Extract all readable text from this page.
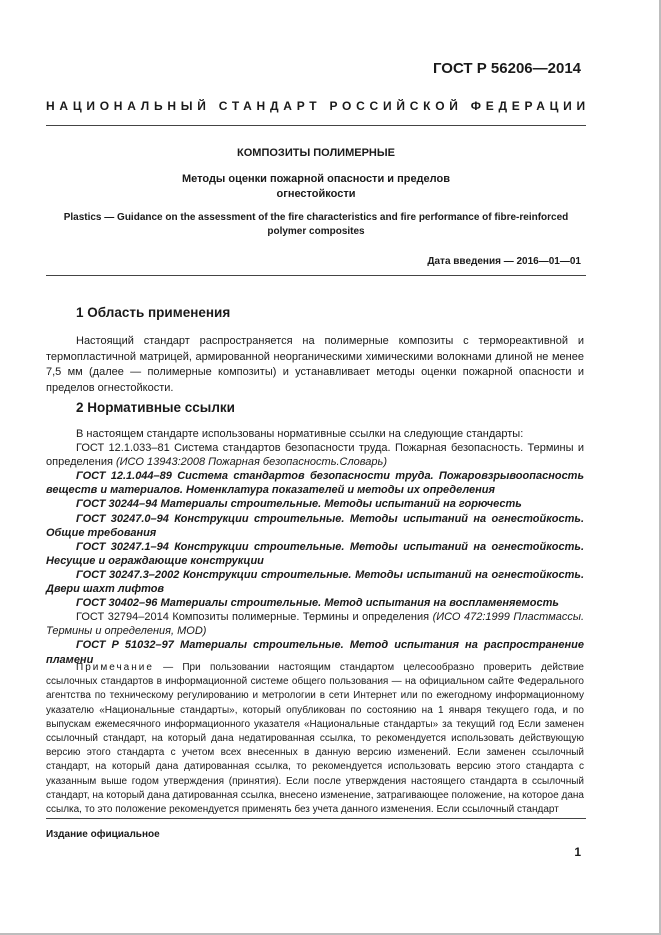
ГОСТ Р 56206—2014
НАЦИОНАЛЬНЫЙ СТАНДАРТ РОССИЙСКОЙ ФЕДЕРАЦИИ
КОМПОЗИТЫ ПОЛИМЕРНЫЕ
Методы оценки пожарной опасности и пределов огнестойкости
Plastics — Guidance on the assessment of the fire characteristics and fire performance of fibre-reinforced polymer composites
Дата введения — 2016—01—01
1 Область применения

Настоящий стандарт распространяется на полимерные композиты с термореактивной и термопластичной матрицей, армированной неорганическими химическими волокнами длиной не менее 7,5 мм (далее — полимерные композиты) и устанавливает методы оценки пожарной опасности и пределов огнестойкости.

2 Нормативные ссылки

В настоящем стандарте использованы нормативные ссылки на следующие стандарты:

ГОСТ 12.1.033–81 Система стандартов безопасности труда. Пожарная безопасность. Термины и определения (ИСО 13943:2008 Пожарная безопасность.Словарь)

ГОСТ 12.1.044–89 Система стандартов безопасности труда. Пожаровзрывоопасность веществ и материалов. Номенклатура показателей и методы их определения

ГОСТ 30244–94 Материалы строительные. Методы испытаний на горючесть

ГОСТ 30247.0–94 Конструкции строительные. Методы испытаний на огнестойкость. Общие требования

ГОСТ 30247.1–94 Конструкции строительные. Методы испытаний на огнестойкость. Несущие и ограждающие конструкции

ГОСТ 30247.3–2002 Конструкции строительные. Методы испытаний на огнестойкость. Двери шахт лифтов

ГОСТ 30402–96 Материалы строительные. Метод испытания на воспламеняемость

ГОСТ 32794–2014 Композиты полимерные. Термины и определения (ИСО 472:1999 Пластмассы. Термины и определения, MOD)

ГОСТ Р 51032–97 Материалы строительные. Метод испытания на распространение пламени

Примечание — При пользовании настоящим стандартом целесообразно проверить действие ссылочных стандартов в информационной системе общего пользования — на официальном сайте Федерального агентства по техническому регулированию и метрологии в сети Интернет или по ежегодному информационному указателю «Национальные стандарты», который опубликован по состоянию на 1 января текущего года, и по выпускам ежемесячного информационного указателя «Национальные стандарты» за текущий год Если заменен ссылочный стандарт, на который дана недатированная ссылка, то рекомендуется использовать действующую версию этого стандарта с учетом всех внесенных в данную версию изменений. Если заменен ссылочный стандарт, на который дана датированная ссылка, то рекомендуется использовать версию этого стандарта с указанным выше годом утверждения (принятия). Если после утверждения настоящего стандарта в ссылочный стандарт, на который дана датированная ссылка, внесено изменение, затрагивающее положение, на которое дана ссылка, то это положение рекомендуется применять без учета данного изменения. Если ссылочный стандарт

Издание официальное
1
